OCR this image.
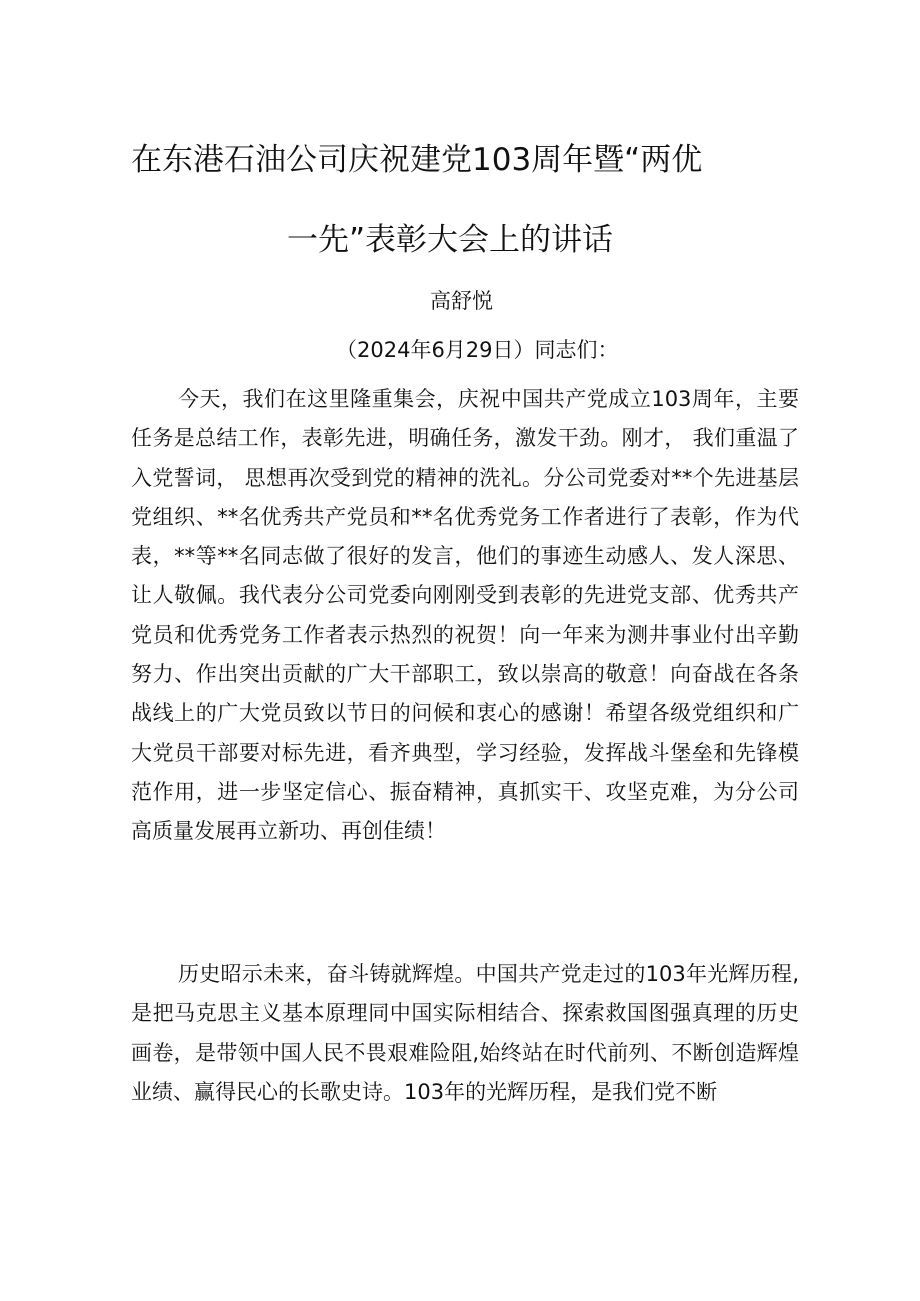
在东港石油公司庆祝建党103周年暨“两优
一先”表彰大会上的讲话
高舒悦
（2024年6月29日）同志们：

今天，我们在这里隆重集会，庆祝中国共产党成立103周年，主要任务是总结工作，表彰先进，明确任务，激发干劲。刚才， 我们重温了入党誓词， 思想再次受到党的精神的洗礼。分公司党委对**个先进基层党组织、**名优秀共产党员和**名优秀党务工作者进行了表彰，作为代表，**等**名同志做了很好的发言，他们的事迹生动感人、发人深思、让人敬佩。我代表分公司党委向刚刚受到表彰的先进党支部、优秀共产党员和优秀党务工作者表示热烈的祝贺！向一年来为测井事业付出辛勤努力、作出突出贡献的广大干部职工，致以崇高的敬意！向奋战在各条战线上的广大党员致以节日的问候和衷心的感谢！希望各级党组织和广大党员干部要对标先进，看齐典型，学习经验，发挥战斗堡垒和先锋模范作用，进一步坚定信心、振奋精神，真抓实干、攻坚克难，为分公司高质量发展再立新功、再创佳绩！

历史昭示未来，奋斗铸就辉煌。中国共产党走过的103年光辉历程,是把马克思主义基本原理同中国实际相结合、探索救国图强真理的历史画卷，是带领中国人民不畏艰难险阻,始终站在时代前列、不断创造辉煌业绩、赢得民心的长歌史诗。103年的光辉历程，是我们党不断
